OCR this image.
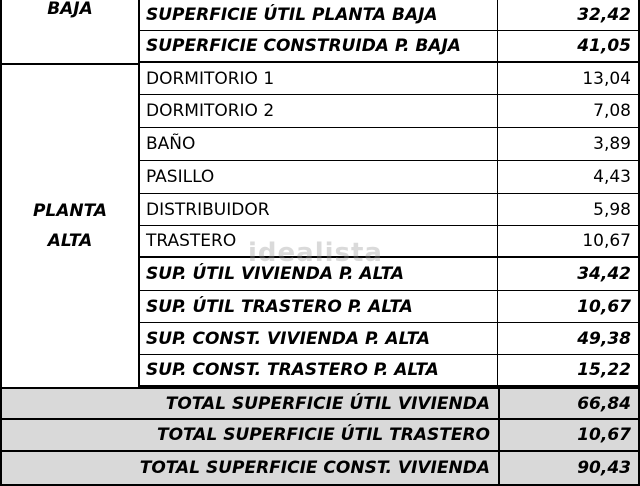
BAJA
PLANTA
ALTA
SUPERFICIE ÚTIL PLANTA BAJA	32,42
SUPERFICIE CONSTRUIDA P. BAJA	41,05
DORMITORIO 1	13,04
DORMITORIO 2	7,08
BAÑO	3,89
PASILLO	4,43
DISTRIBUIDOR	5,98
TRASTERO	10,67
SUP. ÚTIL VIVIENDA P. ALTA	34,42
SUP. ÚTIL TRASTERO P. ALTA	10,67
SUP. CONST. VIVIENDA P. ALTA	49,38
SUP. CONST. TRASTERO P. ALTA	15,22
TOTAL SUPERFICIE ÚTIL VIVIENDA	66,84
TOTAL SUPERFICIE ÚTIL TRASTERO	10,67
TOTAL SUPERFICIE CONST. VIVIENDA	90,43
idealista
